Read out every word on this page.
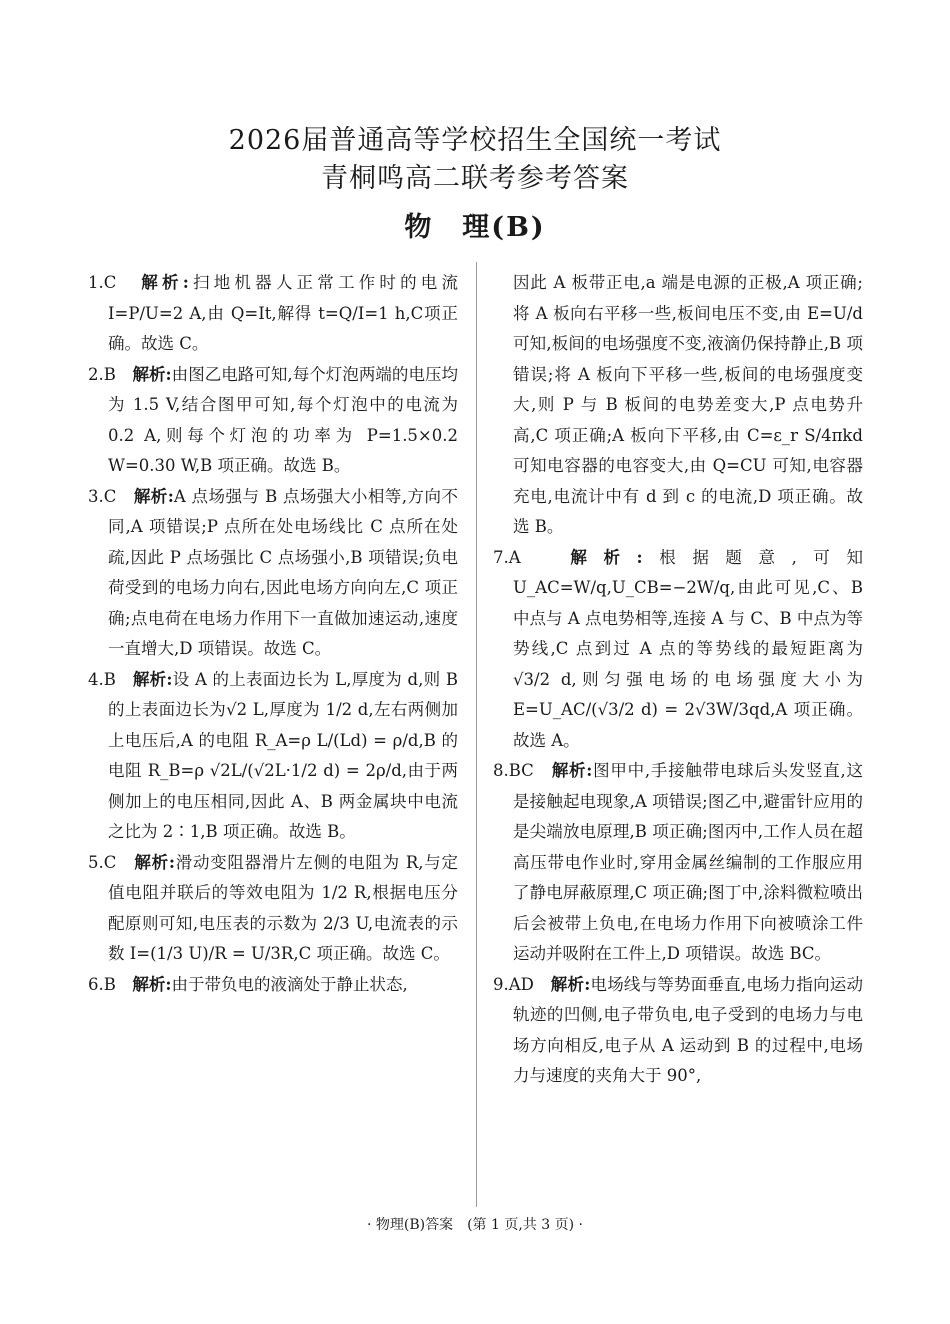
2026届普通高等学校招生全国统一考试
青桐鸣高二联考参考答案
物　理(B)

1.C　 解析:扫地机器人正常工作时的电流 I=P/U=2 A,由 Q=It,解得 t=Q/I=1 h,C项正确。故选 C。

2.B　 解析:由图乙电路可知,每个灯泡两端的电压均为 1.5 V,结合图甲可知,每个灯泡中的电流为 0.2 A,则每个灯泡的功率为 P=1.5×0.2 W=0.30 W,B 项正确。故选 B。

3.C　 解析:A 点场强与 B 点场强大小相等,方向不同,A 项错误;P 点所在处电场线比 C 点所在处疏,因此 P 点场强比 C 点场强小,B 项错误;负电荷受到的电场力向右,因此电场方向向左,C 项正确;点电荷在电场力作用下一直做加速运动,速度一直增大,D 项错误。故选 C。

4.B　 解析:设 A 的上表面边长为 L,厚度为 d,则 B 的上表面边长为√2 L,厚度为 1/2 d,左右两侧加上电压后,A 的电阻 R_A=ρ L/(Ld) = ρ/d,B 的电阻 R_B=ρ √2L/(√2L·1/2 d) = 2ρ/d,由于两侧加上的电压相同,因此 A、B 两金属块中电流之比为 2∶1,B 项正确。故选 B。

5.C　 解析:滑动变阻器滑片左侧的电阻为 R,与定值电阻并联后的等效电阻为 1/2 R,根据电压分配原则可知,电压表的示数为 2/3 U,电流表的示数 I=(1/3 U)/R = U/3R,C 项正确。故选 C。

6.B　 解析:由于带负电的液滴处于静止状态,

因此 A 板带正电,a 端是电源的正极,A 项正确;将 A 板向右平移一些,板间电压不变,由 E=U/d 可知,板间的电场强度不变,液滴仍保持静止,B 项错误;将 A 板向下平移一些,板间的电场强度变大,则 P 与 B 板间的电势差变大,P 点电势升高,C 项正确;A 板向下平移,由 C=ε_r S/4πkd 可知电容器的电容变大,由 Q=CU 可知,电容器充电,电流计中有 d 到 c 的电流,D 项正确。故选 B。

7.A　	解析:根据题意,可知 U_AC=W/q,U_CB=−2W/q,由此可见,C、B 中点与 A 点电势相等,连接 A 与 C、B 中点为等势线,C 点到过 A 点的等势线的最短距离为 √3/2 d,则匀强电场的电场强度大小为 E=U_AC/(√3/2 d) = 2√3W/3qd,A 项正确。故选 A。

8.BC　 解析:图甲中,手接触带电球后头发竖直,这是接触起电现象,A 项错误;图乙中,避雷针应用的是尖端放电原理,B 项正确;图丙中,工作人员在超高压带电作业时,穿用金属丝编制的工作服应用了静电屏蔽原理,C 项正确;图丁中,涂料微粒喷出后会被带上负电,在电场力作用下向被喷涂工件运动并吸附在工件上,D 项错误。故选 BC。

9.AD　 解析:电场线与等势面垂直,电场力指向运动轨迹的凹侧,电子带负电,电子受到的电场力与电场方向相反,电子从 A 运动到 B 的过程中,电场力与速度的夹角大于 90°,

· 物理(B)答案　(第 1 页,共 3 页) ·
